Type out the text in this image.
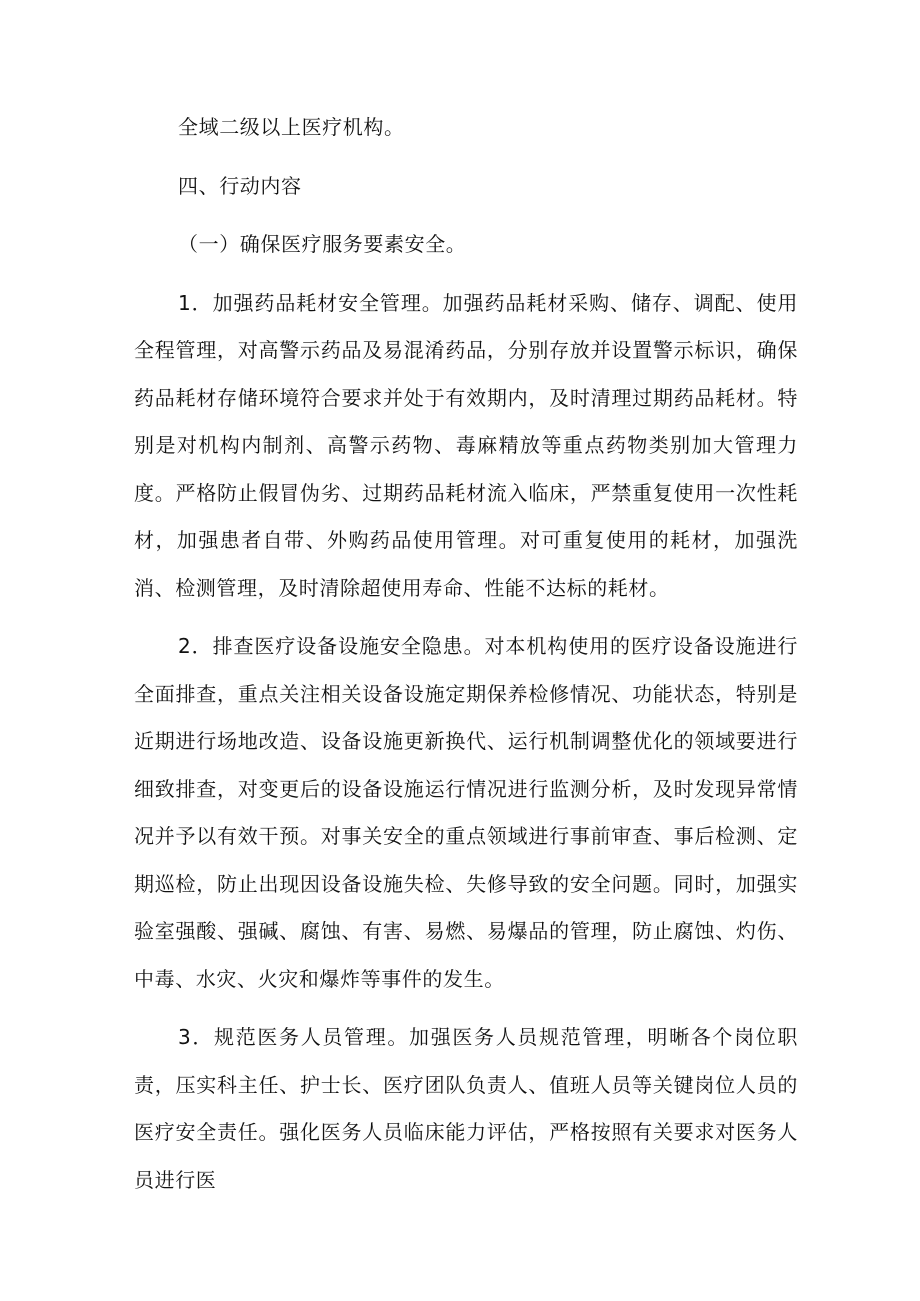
全域二级以上医疗机构。

四、行动内容

（一）确保医疗服务要素安全。

1．加强药品耗材安全管理。加强药品耗材采购、储存、调配、使用全程管理，对高警示药品及易混淆药品，分别存放并设置警示标识，确保药品耗材存储环境符合要求并处于有效期内，及时清理过期药品耗材。特别是对机构内制剂、高警示药物、毒麻精放等重点药物类别加大管理力度。严格防止假冒伪劣、过期药品耗材流入临床，严禁重复使用一次性耗材，加强患者自带、外购药品使用管理。对可重复使用的耗材，加强洗消、检测管理，及时清除超使用寿命、性能不达标的耗材。

2．排查医疗设备设施安全隐患。对本机构使用的医疗设备设施进行全面排查，重点关注相关设备设施定期保养检修情况、功能状态，特别是近期进行场地改造、设备设施更新换代、运行机制调整优化的领域要进行细致排查，对变更后的设备设施运行情况进行监测分析，及时发现异常情况并予以有效干预。对事关安全的重点领域进行事前审查、事后检测、定期巡检，防止出现因设备设施失检、失修导致的安全问题。同时，加强实验室强酸、强碱、腐蚀、有害、易燃、易爆品的管理，防止腐蚀、灼伤、中毒、水灾、火灾和爆炸等事件的发生。

3．规范医务人员管理。加强医务人员规范管理，明晰各个岗位职责，压实科主任、护士长、医疗团队负责人、值班人员等关键岗位人员的医疗安全责任。强化医务人员临床能力评估，严格按照有关要求对医务人员进行医
